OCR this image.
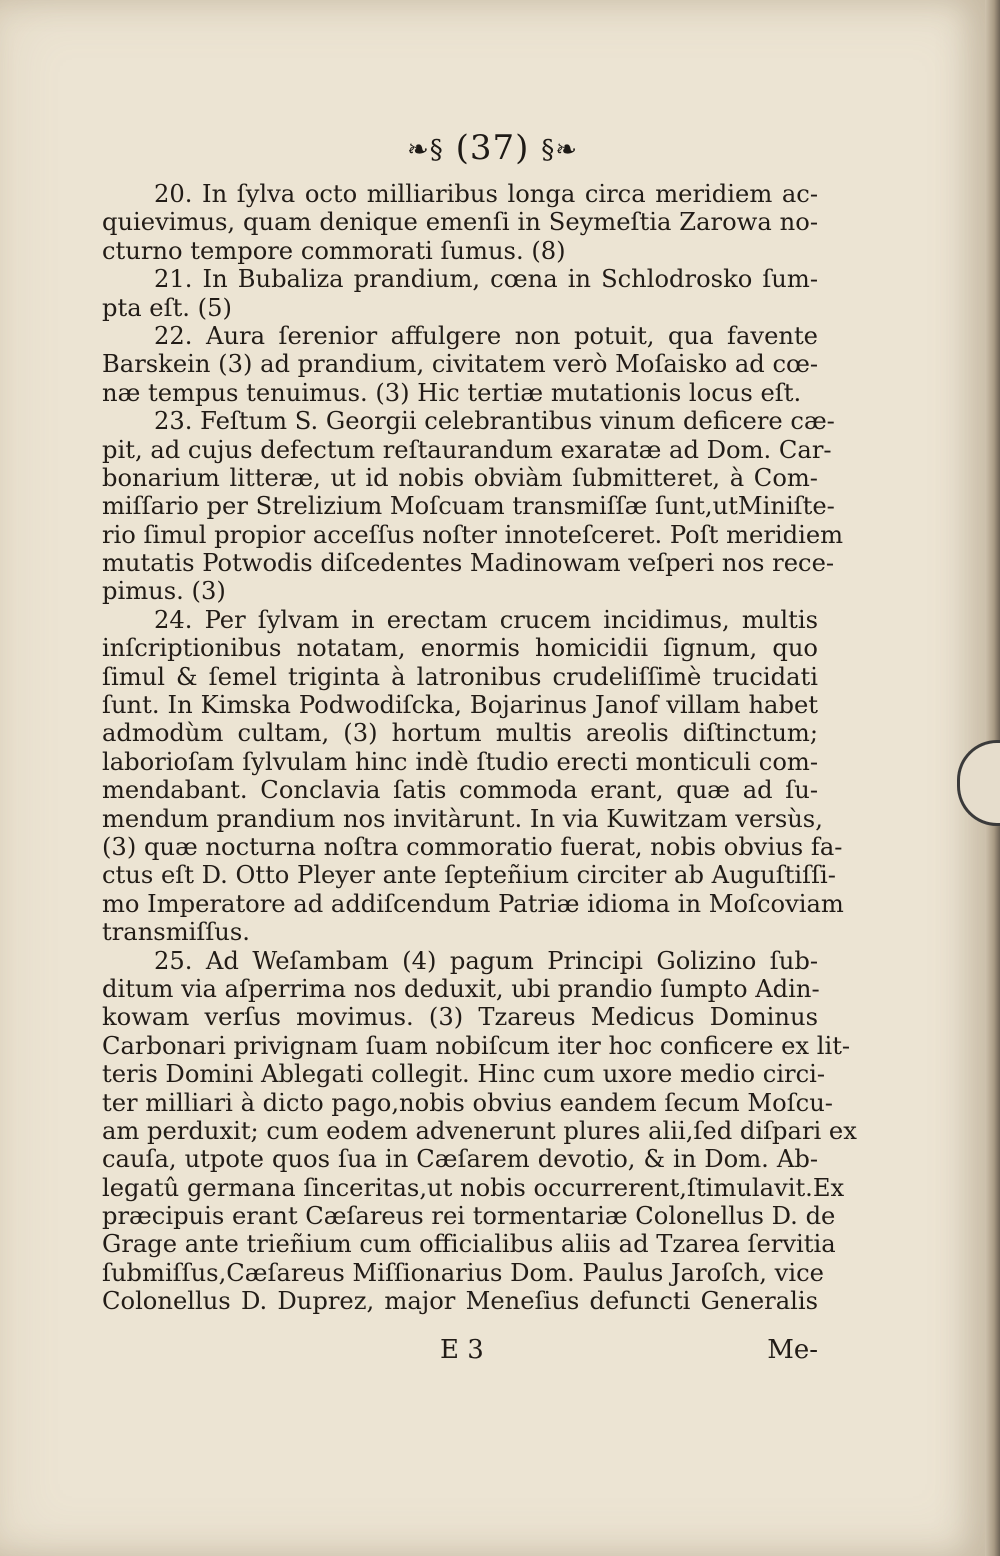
❧§ (37) §❧
20. In ſylva octo milliaribus longa circa meridiem ac-
quievimus, quam denique emenſi in Seymeſtia Zarowa no-
cturno tempore commorati ſumus. (8)
21. In Bubaliza prandium, cœna in Schlodrosko ſum-
pta eſt. (5)
22. Aura ſerenior affulgere non potuit, qua favente
Barskein (3) ad prandium, civitatem verò Moſaisko ad cœ-
næ tempus tenuimus. (3) Hic tertiæ mutationis locus eſt.
23. Feſtum S. Georgii celebrantibus vinum deficere cæ-
pit, ad cujus defectum reſtaurandum exaratæ ad Dom. Car-
bonarium litteræ, ut id nobis obviàm ſubmitteret, à Com-
miſſario per Strelizium Moſcuam transmiſſæ ſunt,utMiniſte-
rio ſimul propior acceſſus noſter innoteſceret. Poſt meridiem
mutatis Potwodis diſcedentes Madinowam veſperi nos rece-
pimus. (3)
24. Per ſylvam in erectam crucem incidimus, multis
inſcriptionibus notatam, enormis homicidii ſignum, quo
ſimul & ſemel triginta à latronibus crudeliſſimè trucidati
ſunt. In Kimska Podwodiſcka, Bojarinus Janof villam habet
admodùm cultam, (3) hortum multis areolis diſtinctum;
laborioſam ſylvulam hinc indè ſtudio erecti monticuli com-
mendabant. Conclavia ſatis commoda erant, quæ ad ſu-
mendum prandium nos invitàrunt. In via Kuwitzam versùs,
(3) quæ nocturna noſtra commoratio fuerat, nobis obvius fa-
ctus eſt D. Otto Pleyer ante ſepteñium circiter ab Auguſtiſſi-
mo Imperatore ad addiſcendum Patriæ idioma in Moſcoviam
transmiſſus.
25. Ad Weſambam (4) pagum Principi Golizino ſub-
ditum via aſperrima nos deduxit, ubi prandio ſumpto Adin-
kowam verſus movimus. (3) Tzareus Medicus Dominus
Carbonari privignam ſuam nobiſcum iter hoc conficere ex lit-
teris Domini Ablegati collegit. Hinc cum uxore medio circi-
ter milliari à dicto pago,nobis obvius eandem ſecum Moſcu-
am perduxit; cum eodem advenerunt plures alii,ſed diſpari ex
cauſa, utpote quos ſua in Cæſarem devotio, & in Dom. Ab-
legatû germana ſinceritas,ut nobis occurrerent,ſtimulavit.Ex
præcipuis erant Cæſareus rei tormentariæ Colonellus D. de
Grage ante trieñium cum officialibus aliis ad Tzarea ſervitia
ſubmiſſus,Cæſareus Miſſionarius Dom. Paulus Jaroſch, vice
Colonellus D. Duprez, major Meneſius defuncti Generalis
E 3	Me-
